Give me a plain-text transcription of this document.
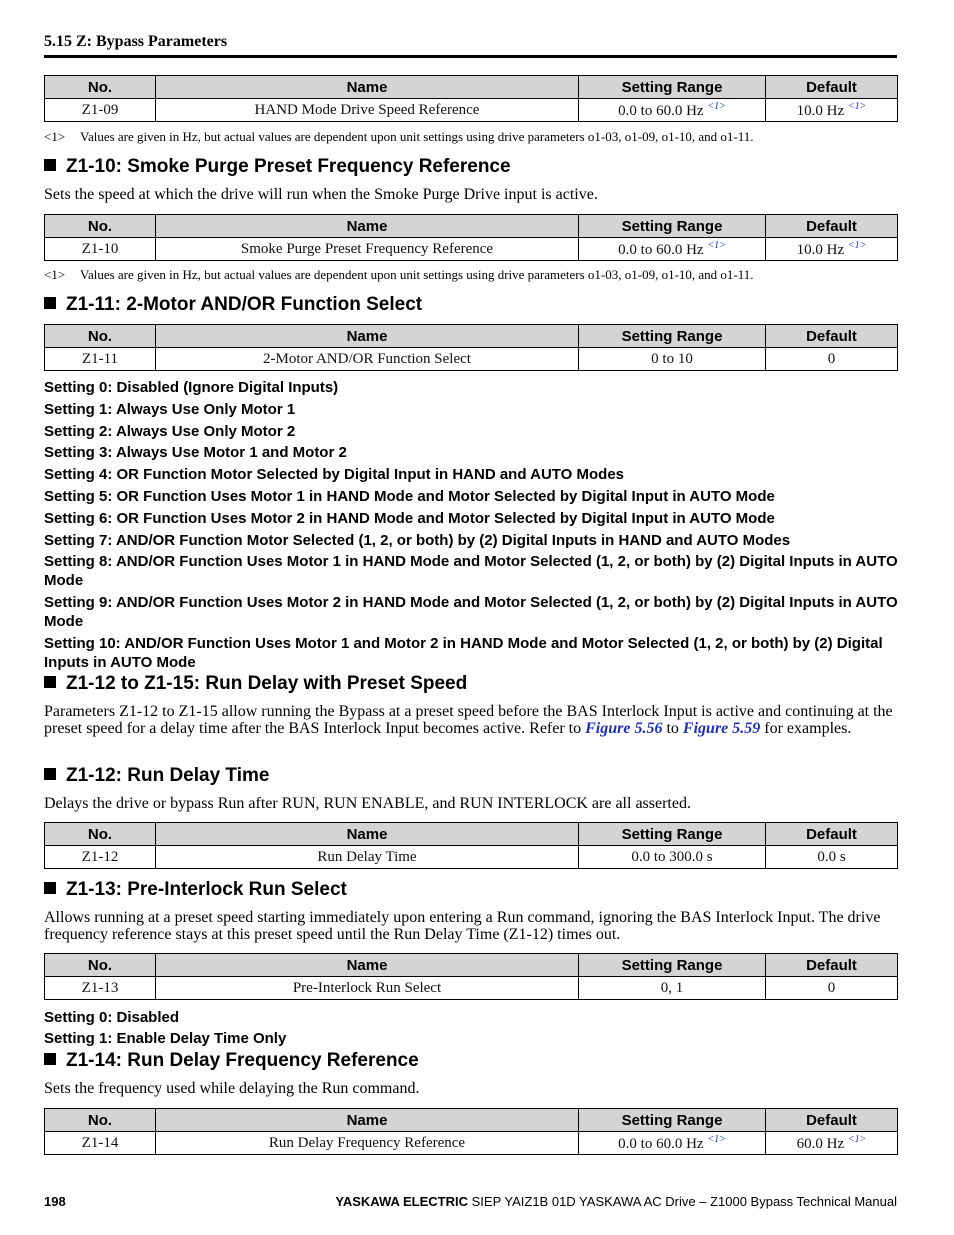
5.15 Z: Bypass Parameters
No.	Name	Setting Range	Default
Z1-09	HAND Mode Drive Speed Reference	0.0 to 60.0 Hz $^{<1>}$	10.0 Hz $^{<1>}$
<1> Values are given in Hz, but actual values are dependent upon unit settings using drive parameters o1-03, o1-09, o1-10, and o1-11.
Z1-10: Smoke Purge Preset Frequency Reference
Sets the speed at which the drive will run when the Smoke Purge Drive input is active.
No.	Name	Setting Range	Default
Z1-10	Smoke Purge Preset Frequency Reference	0.0 to 60.0 Hz $^{<1>}$	10.0 Hz $^{<1>}$
<1> Values are given in Hz, but actual values are dependent upon unit settings using drive parameters o1-03, o1-09, o1-10, and o1-11.
Z1-11: 2-Motor AND/OR Function Select
No.	Name	Setting Range	Default
Z1-11	2-Motor AND/OR Function Select	0 to 10	0
Setting 0: Disabled (Ignore Digital Inputs)
Setting 1: Always Use Only Motor 1
Setting 2: Always Use Only Motor 2
Setting 3: Always Use Motor 1 and Motor 2
Setting 4: OR Function Motor Selected by Digital Input in HAND and AUTO Modes
Setting 5: OR Function Uses Motor 1 in HAND Mode and Motor Selected by Digital Input in AUTO Mode
Setting 6: OR Function Uses Motor 2 in HAND Mode and Motor Selected by Digital Input in AUTO Mode
Setting 7: AND/OR Function Motor Selected (1, 2, or both) by (2) Digital Inputs in HAND and AUTO Modes
Setting 8: AND/OR Function Uses Motor 1 in HAND Mode and Motor Selected (1, 2, or both) by (2) Digital Inputs in AUTO Mode
Setting 9: AND/OR Function Uses Motor 2 in HAND Mode and Motor Selected (1, 2, or both) by (2) Digital Inputs in AUTO Mode
Setting 10: AND/OR Function Uses Motor 1 and Motor 2 in HAND Mode and Motor Selected (1, 2, or both) by (2) Digital Inputs in AUTO Mode
Z1-12 to Z1-15: Run Delay with Preset Speed
Parameters Z1-12 to Z1-15 allow running the Bypass at a preset speed before the BAS Interlock Input is active and continuing at the preset speed for a delay time after the BAS Interlock Input becomes active. Refer to Figure 5.56 to Figure 5.59 for examples.
Z1-12: Run Delay Time
Delays the drive or bypass Run after RUN, RUN ENABLE, and RUN INTERLOCK are all asserted.
No.	Name	Setting Range	Default
Z1-12	Run Delay Time	0.0 to 300.0 s	0.0 s
Z1-13: Pre-Interlock Run Select
Allows running at a preset speed starting immediately upon entering a Run command, ignoring the BAS Interlock Input. The drive frequency reference stays at this preset speed until the Run Delay Time (Z1-12) times out.
No.	Name	Setting Range	Default
Z1-13	Pre-Interlock Run Select	0, 1	0
Setting 0: Disabled
Setting 1: Enable Delay Time Only
Z1-14: Run Delay Frequency Reference
Sets the frequency used while delaying the Run command.
No.	Name	Setting Range	Default
Z1-14	Run Delay Frequency Reference	0.0 to 60.0 Hz $^{<1>}$	60.0 Hz $^{<1>}$
198	YASKAWA ELECTRIC SIEP YAIZ1B 01D YASKAWA AC Drive – Z1000 Bypass Technical Manual
